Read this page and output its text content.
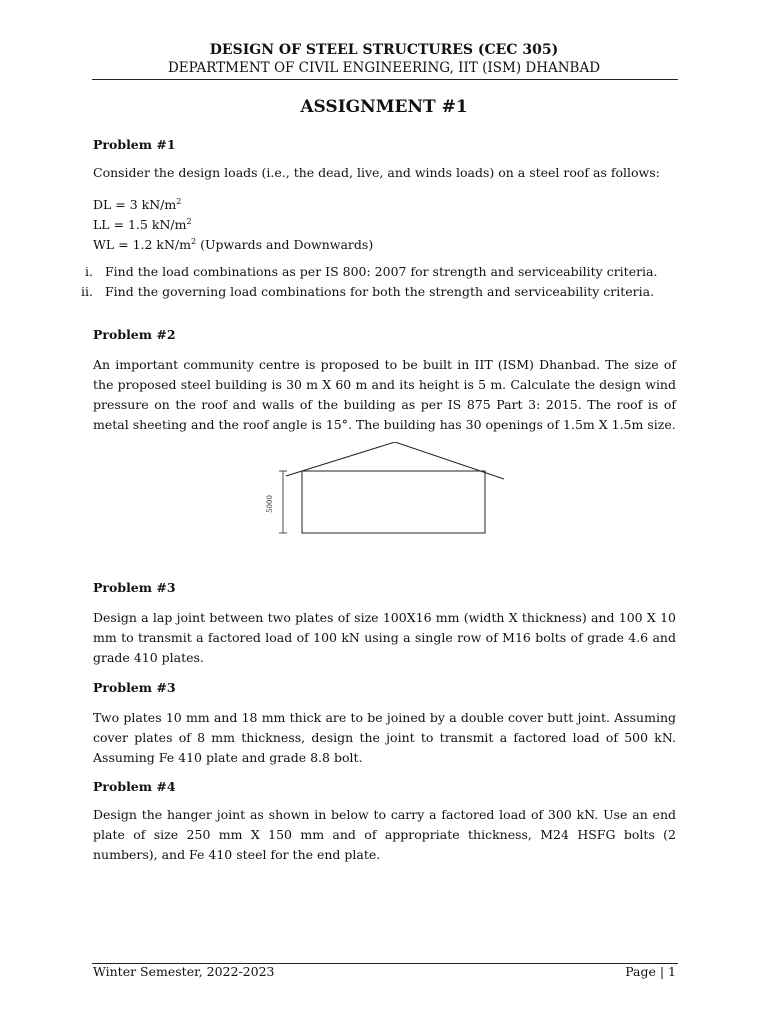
DESIGN OF STEEL STRUCTURES (CEC 305)
DEPARTMENT OF CIVIL ENGINEERING, IIT (ISM) DHANBAD
ASSIGNMENT #1
Problem #1
Consider the design loads (i.e., the dead, live, and winds loads) on a steel roof as follows:
DL = 3 $kN/m^2$
LL = 1.5 $kN/m^2$
WL = 1.2 $kN/m^2$ (Upwards and Downwards)
i. Find the load combinations as per IS 800: 2007 for strength and serviceability criteria.
ii. Find the governing load combinations for both the strength and serviceability criteria.
Problem #2
An important community centre is proposed to be built in IIT (ISM) Dhanbad. The size of the proposed steel building is 30 m X 60 m and its height is 5 m. Calculate the design wind pressure on the roof and walls of the building as per IS 875 Part 3: 2015. The roof is of metal sheeting and the roof angle is 15°. The building has 30 openings of 1.5m X 1.5m size.
5000
Problem #3
Design a lap joint between two plates of size 100X16 mm (width X thickness) and 100 X 10 mm to transmit a factored load of 100 kN using a single row of M16 bolts of grade 4.6 and grade 410 plates.
Problem #3
Two plates 10 mm and 18 mm thick are to be joined by a double cover butt joint. Assuming cover plates of 8 mm thickness, design the joint to transmit a factored load of 500 kN. Assuming Fe 410 plate and grade 8.8 bolt.
Problem #4
Design the hanger joint as shown in below to carry a factored load of 300 kN. Use an end plate of size 250 mm X 150 mm and of appropriate thickness, M24 HSFG bolts (2 numbers), and Fe 410 steel for the end plate.
Winter Semester, 2022-2023	Page | 1
